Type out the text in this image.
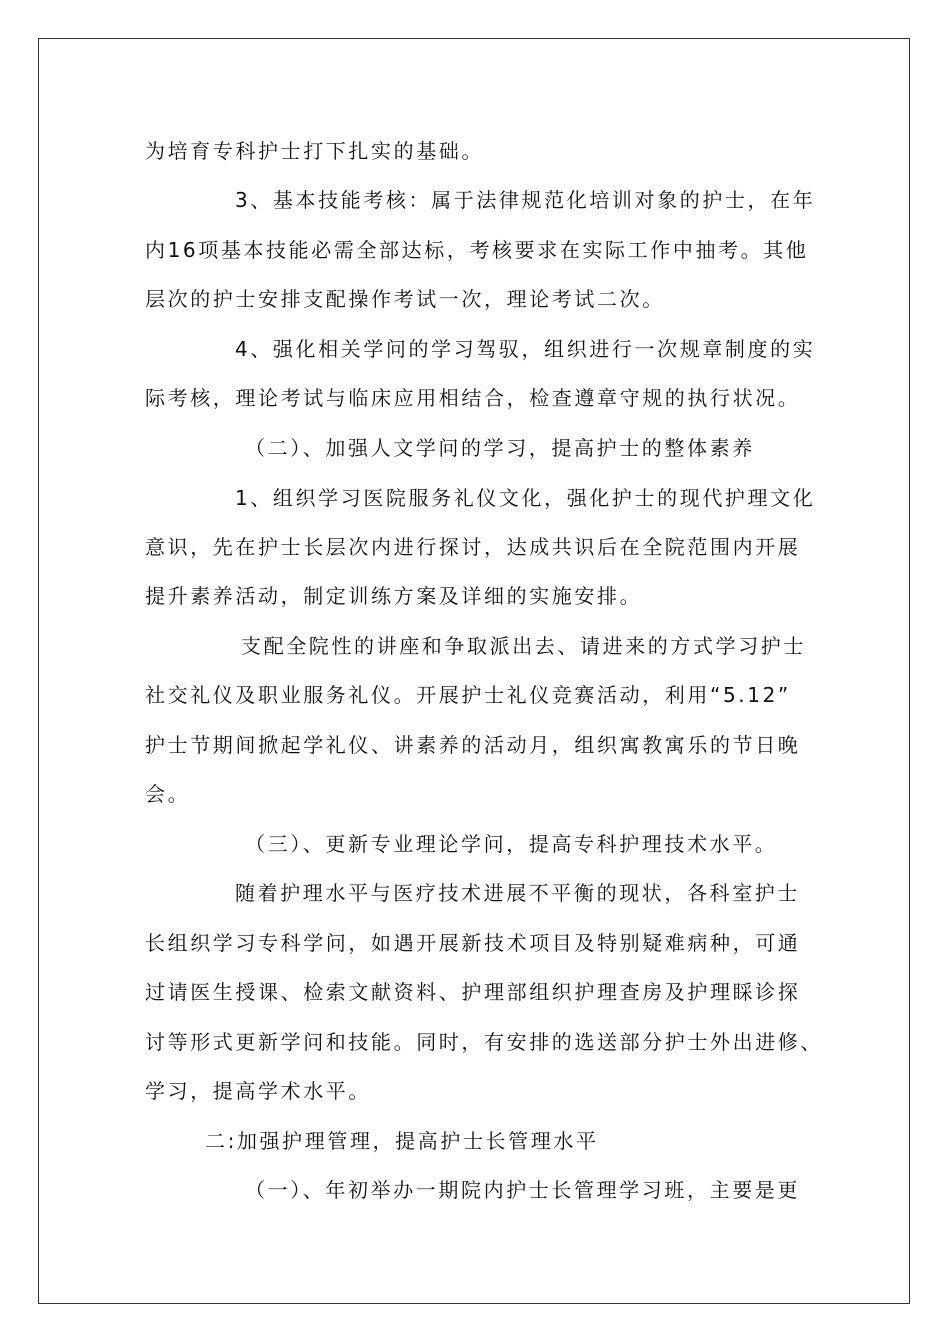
为培育专科护士打下扎实的基础。
3、基本技能考核：属于法律规范化培训对象的护士，在年
内16项基本技能必需全部达标，考核要求在实际工作中抽考。其他
层次的护士安排支配操作考试一次，理论考试二次。
4、强化相关学问的学习驾驭，组织进行一次规章制度的实
际考核，理论考试与临床应用相结合，检查遵章守规的执行状况。
（二）、加强人文学问的学习，提高护士的整体素养
1、组织学习医院服务礼仪文化，强化护士的现代护理文化
意识，先在护士长层次内进行探讨，达成共识后在全院范围内开展
提升素养活动，制定训练方案及详细的实施安排。
支配全院性的讲座和争取派出去、请进来的方式学习护士
社交礼仪及职业服务礼仪。开展护士礼仪竞赛活动，利用“5.12”
护士节期间掀起学礼仪、讲素养的活动月，组织寓教寓乐的节日晚
会。
（三）、更新专业理论学问，提高专科护理技术水平。
随着护理水平与医疗技术进展不平衡的现状，各科室护士
长组织学习专科学问，如遇开展新技术项目及特别疑难病种，可通
过请医生授课、检索文献资料、护理部组织护理查房及护理睬诊探
讨等形式更新学问和技能。同时，有安排的选送部分护士外出进修、
学习，提高学术水平。
二:加强护理管理，提高护士长管理水平
（一）、年初举办一期院内护士长管理学习班，主要是更
